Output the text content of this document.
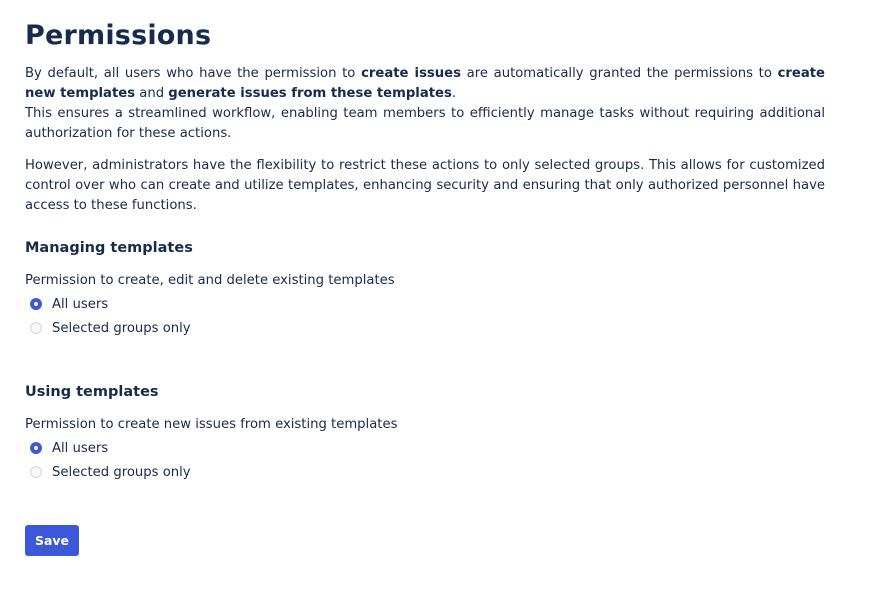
Permissions

By default, all users who have the permission to create issues are automatically granted the permissions to create new templates and generate issues from these templates.

This ensures a streamlined workflow, enabling team members to efficiently manage tasks without requiring additional authorization for these actions.

However, administrators have the flexibility to restrict these actions to only selected groups. This allows for customized control over who can create and utilize templates, enhancing security and ensuring that only authorized personnel have access to these functions.

Managing templates
Permission to create, edit and delete existing templates
All users
Selected groups only
Using templates
Permission to create new issues from existing templates
All users
Selected groups only
Save
